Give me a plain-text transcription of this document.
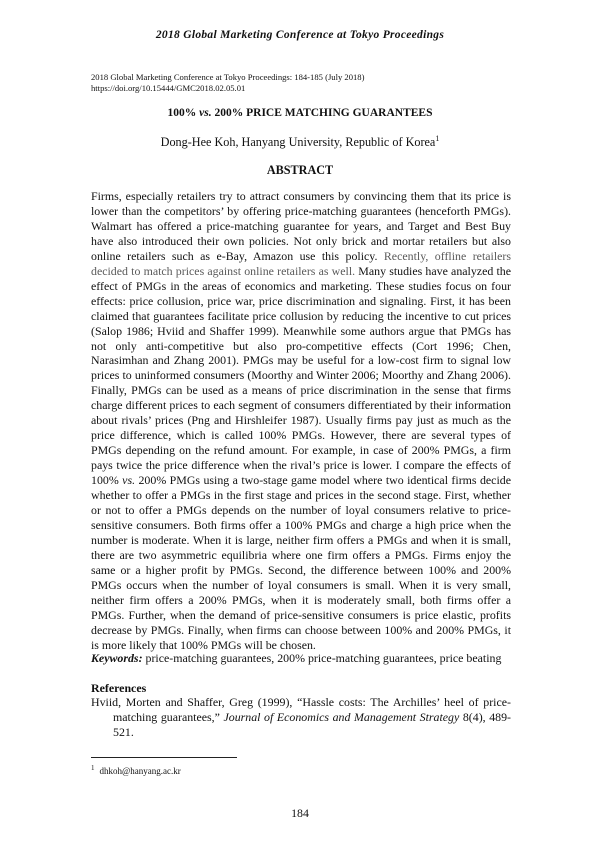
2018 Global Marketing Conference at Tokyo Proceedings
2018 Global Marketing Conference at Tokyo Proceedings: 184-185 (July 2018)
https://doi.org/10.15444/GMC2018.02.05.01
100% vs. 200% PRICE MATCHING GUARANTEES
Dong-Hee Koh, Hanyang University, Republic of Korea$^1$
ABSTRACT

Firms, especially retailers try to attract consumers by convincing them that its price is lower than the competitors’ by offering price-matching guarantees (henceforth PMGs). Walmart has offered a price-matching guarantee for years, and Target and Best Buy have also introduced their own policies. Not only brick and mortar retailers but also online retailers such as e-Bay, Amazon use this policy. Recently, offline retailers decided to match prices against online retailers as well. Many studies have analyzed the effect of PMGs in the areas of economics and marketing. These studies focus on four effects: price collusion, price war, price discrimination and signaling. First, it has been claimed that guarantees facilitate price collusion by reducing the incentive to cut prices (Salop 1986; Hviid and Shaffer 1999). Meanwhile some authors argue that PMGs has not only anti-competitive but also pro-competitive effects (Cort 1996; Chen, Narasimhan and Zhang 2001). PMGs may be useful for a low-cost firm to signal low prices to uninformed consumers (Moorthy and Winter 2006; Moorthy and Zhang 2006). Finally, PMGs can be used as a means of price discrimination in the sense that firms charge different prices to each segment of consumers differentiated by their information about rivals’ prices (Png and Hirshleifer 1987). Usually firms pay just as much as the price difference, which is called 100% PMGs. However, there are several types of PMGs depending on the refund amount. For example, in case of 200% PMGs, a firm pays twice the price difference when the rival’s price is lower. I compare the effects of 100% vs. 200% PMGs using a two-stage game model where two identical firms decide whether to offer a PMGs in the first stage and prices in the second stage. First, whether or not to offer a PMGs depends on the number of loyal consumers relative to price-sensitive consumers. Both firms offer a 100% PMGs and charge a high price when the number is moderate. When it is large, neither firm offers a PMGs and when it is small, there are two asymmetric equilibria where one firm offers a PMGs. Firms enjoy the same or a higher profit by PMGs. Second, the difference between 100% and 200% PMGs occurs when the number of loyal consumers is small. When it is very small, neither firm offers a 200% PMGs, when it is moderately small, both firms offer a PMGs. Further, when the demand of price-sensitive consumers is price elastic, profits decrease by PMGs. Finally, when firms can choose between 100% and 200% PMGs, it is more likely that 100% PMGs will be chosen.

Keywords: price-matching guarantees, 200% price-matching guarantees, price beating
References
Hviid, Morten and Shaffer, Greg (1999), “Hassle costs: The Archilles’ heel of price-matching guarantees,” Journal of Economics and Management Strategy 8(4), 489-521.
$^1$ dhkoh@hanyang.ac.kr
184
